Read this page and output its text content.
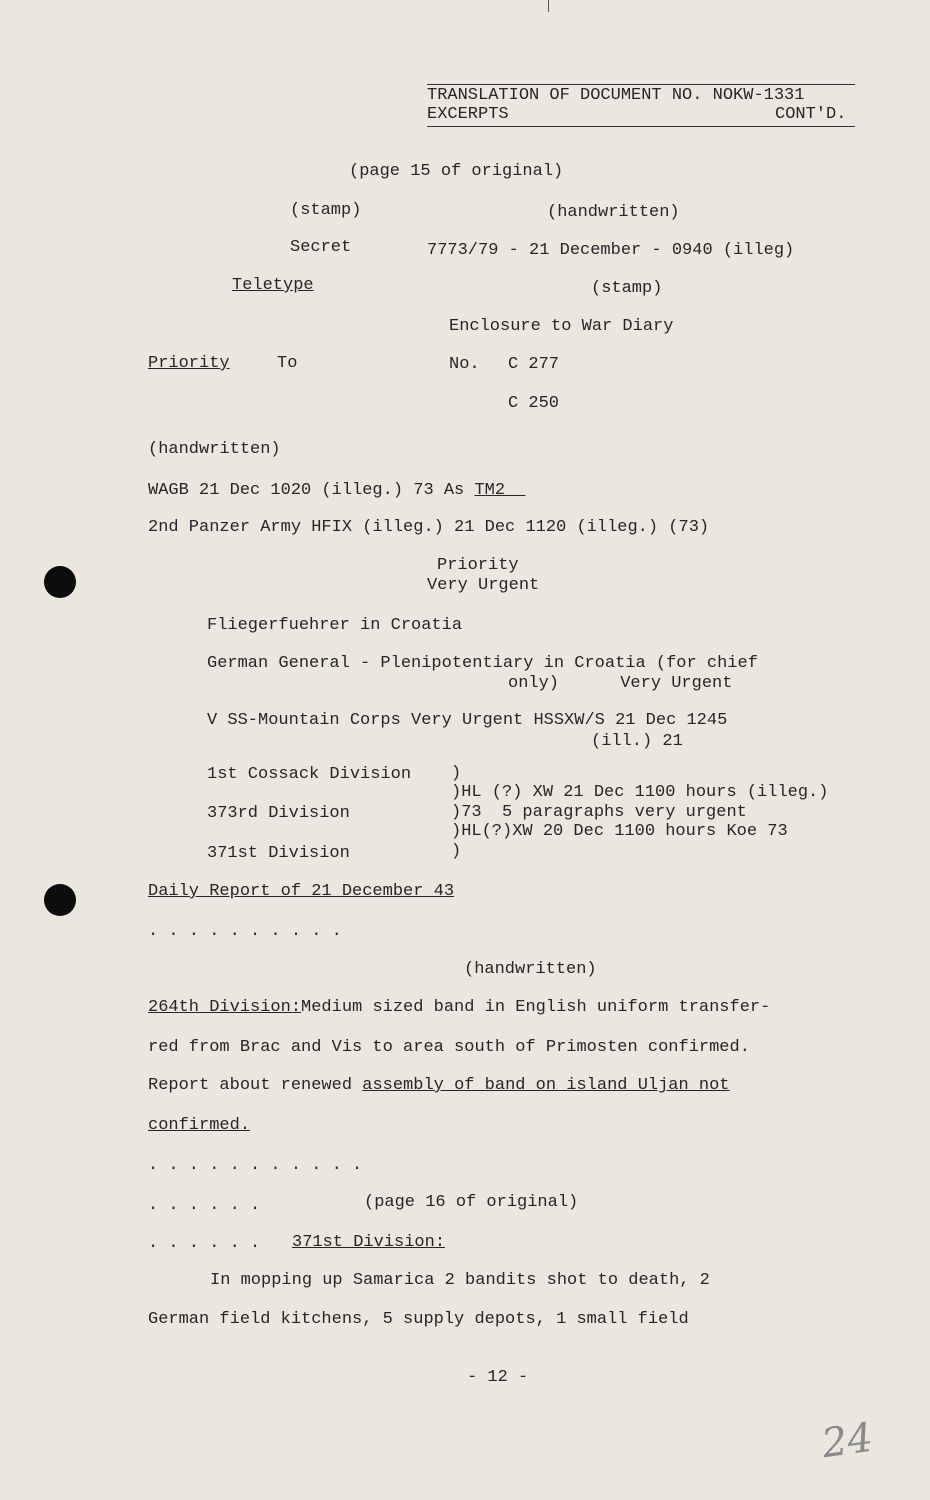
TRANSLATION OF DOCUMENT NO. NOKW-1331
EXCERPTS	CONT'D.
(page 15 of original)
(stamp)	(handwritten)
Secret	7773/79 - 21 December - 0940 (illeg)
Teletype	(stamp)
Enclosure to War Diary
Priority	To	No. C 277
C 250
(handwritten)
WAGB 21 Dec 1020 (illeg.) 73 As TM2
2nd Panzer Army HFIX (illeg.) 21 Dec 1120 (illeg.) (73)
Priority
Very Urgent
Fliegerfuehrer in Croatia
German General - Plenipotentiary in Croatia (for chief
only)      Very Urgent
V SS-Mountain Corps Very Urgent HSSXW/S 21 Dec 1245
(ill.) 21
1st Cossack Division
373rd Division
371st Division
)
)HL (?) XW 21 Dec 1100 hours (illeg.)
)73  5 paragraphs very urgent
)HL(?)XW 20 Dec 1100 hours Koe 73
)
Daily Report of 21 December 43
. . . . . . . . . .
(handwritten)
264th Division:Medium sized band in English uniform transfer-
red from Brac and Vis to area south of Primosten confirmed.
Report about renewed assembly of band on island Uljan not
confirmed.
. . . . . . . . . . .
. . . . . .	(page 16 of original)
. . . . . . 371st Division:
In mopping up Samarica 2 bandits shot to death, 2
German field kitchens, 5 supply depots, 1 small field
- 12 -
24
